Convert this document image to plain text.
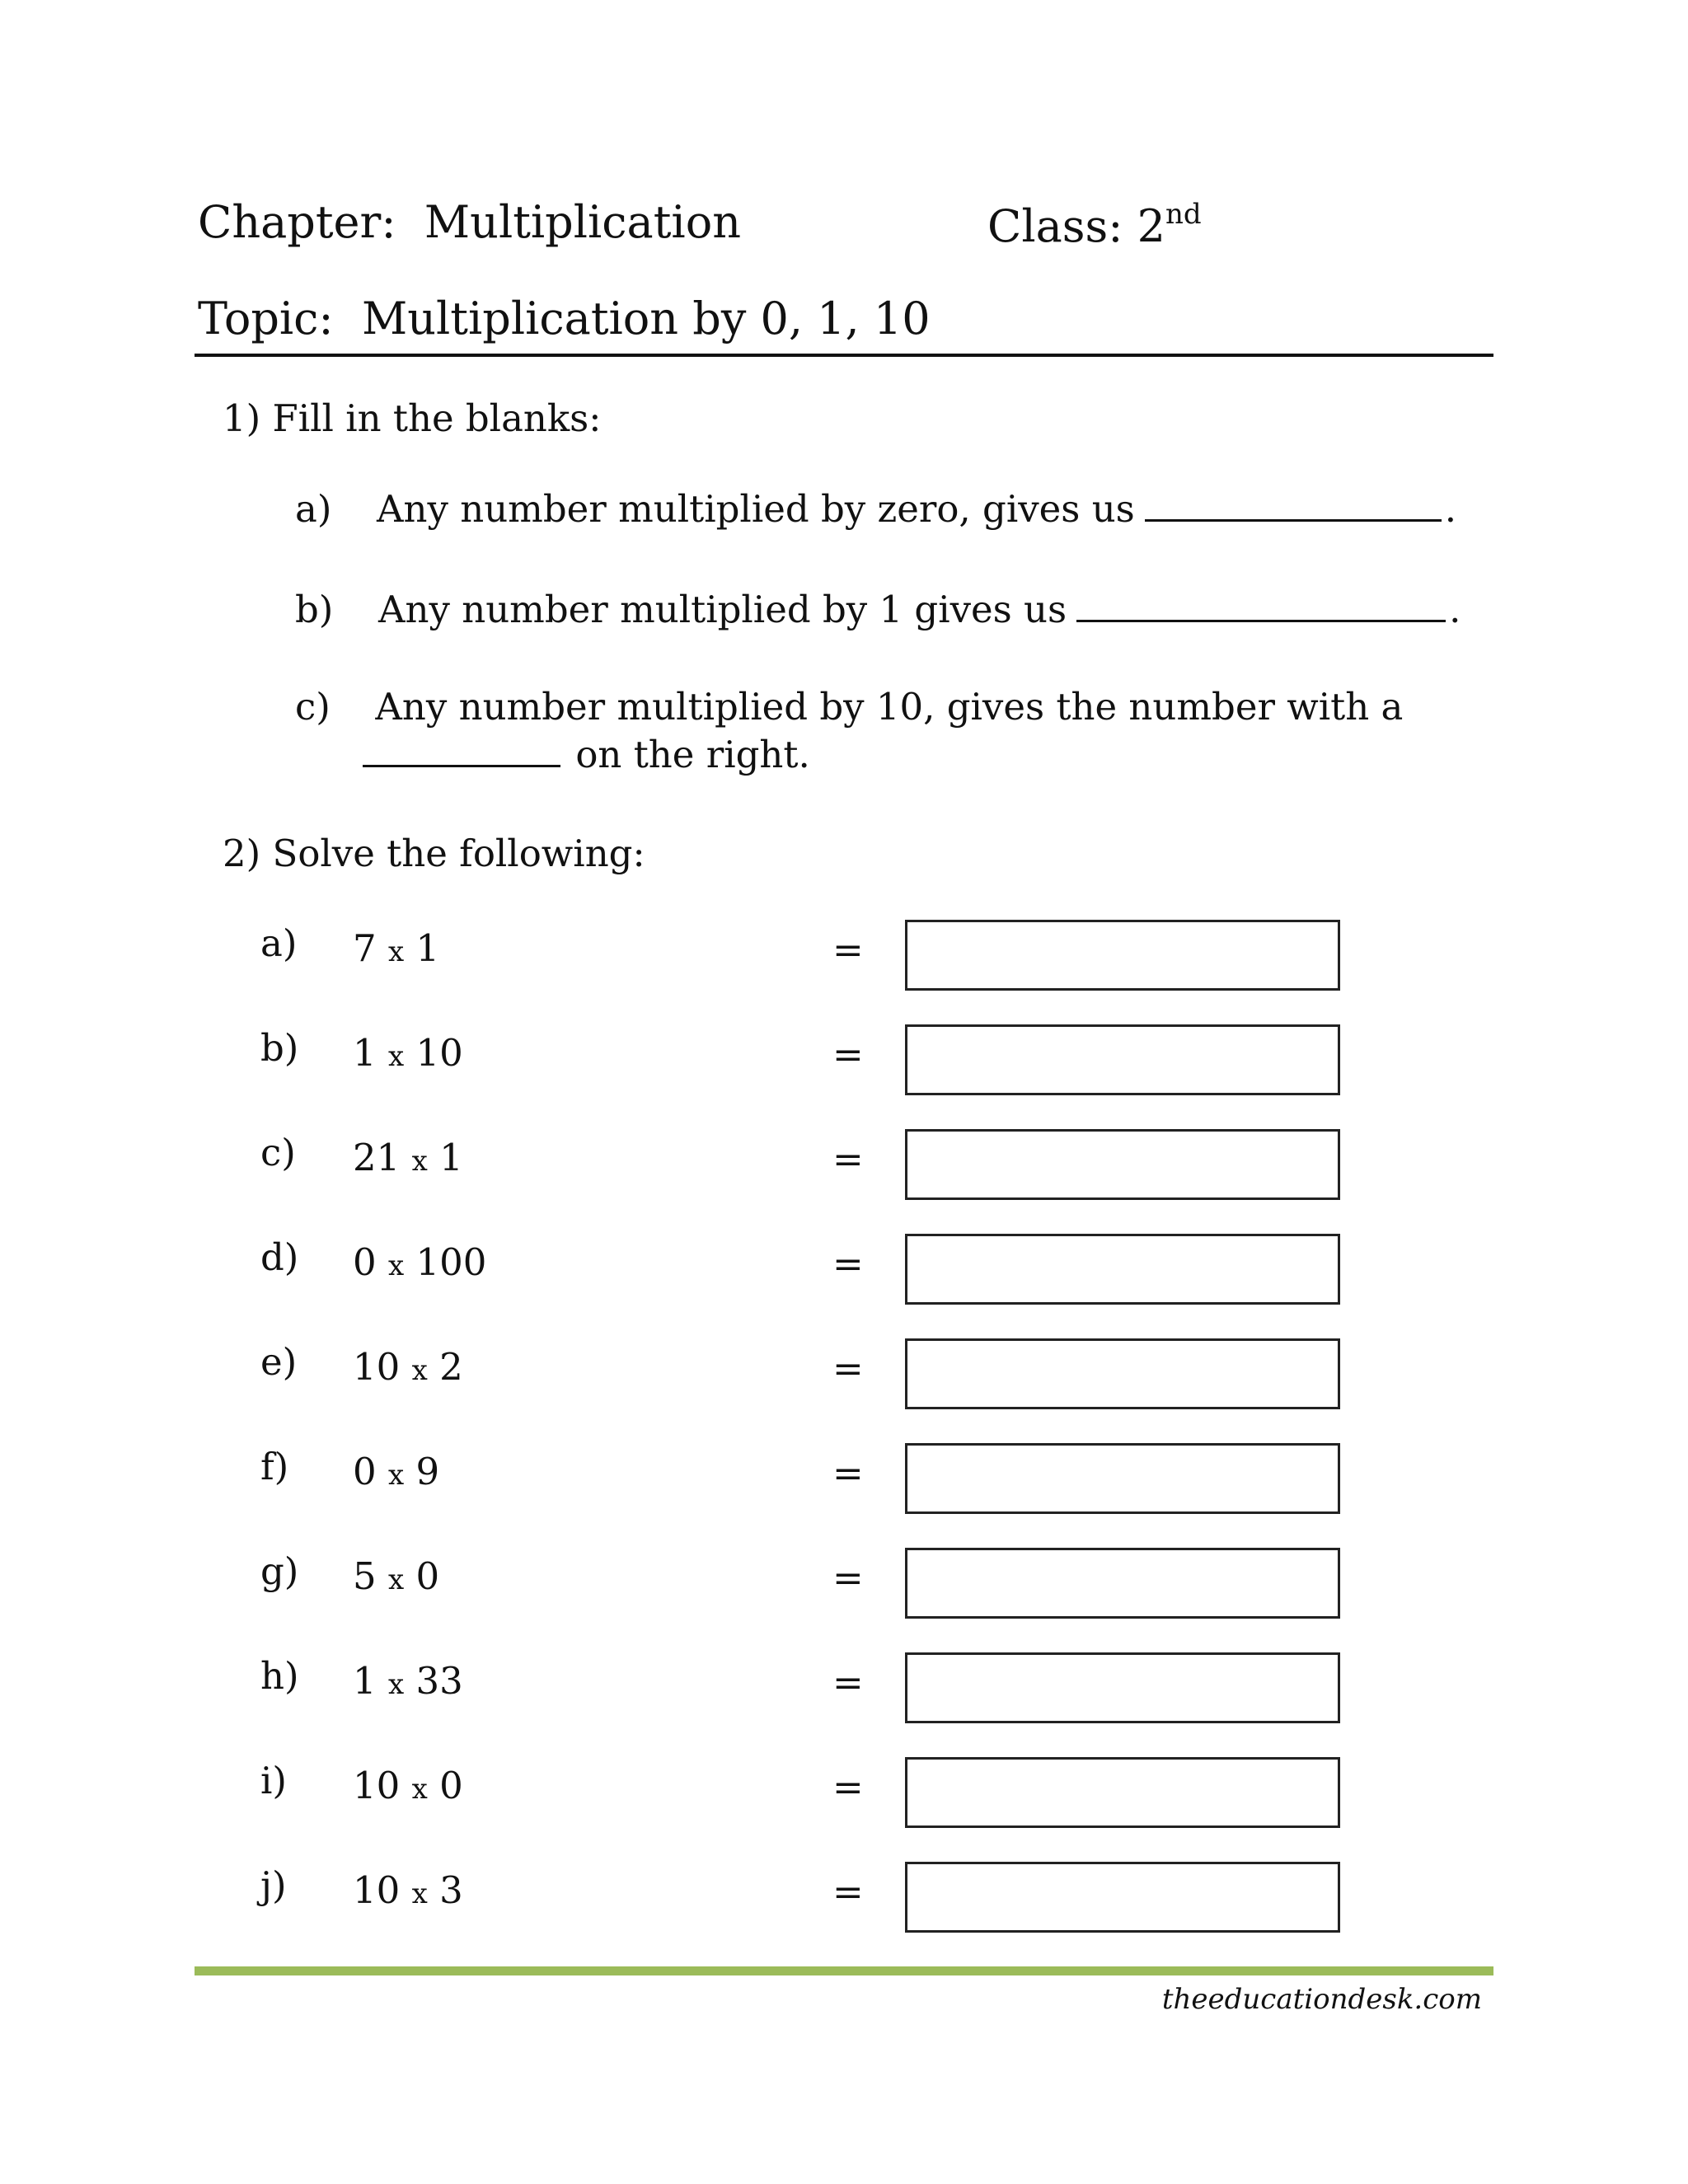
Chapter: Multiplication	Class: 2nd
Topic: Multiplication by 0, 1, 10
1) Fill in the blanks:
a) Any number multiplied by zero, gives us	.
b) Any number multiplied by 1 gives us	.
c) Any number multiplied by 10, gives the number with a
on the right.
2) Solve the following:
a) 7 x 1	=
b) 1 x 10	=
c) 21 x 1	=
d) 0 x 100	=
e) 10 x 2	=
f) 0 x 9	=
g) 5 x 0	=
h) 1 x 33	=
i) 10 x 0	=
j) 10 x 3	=
theeducationdesk.com
